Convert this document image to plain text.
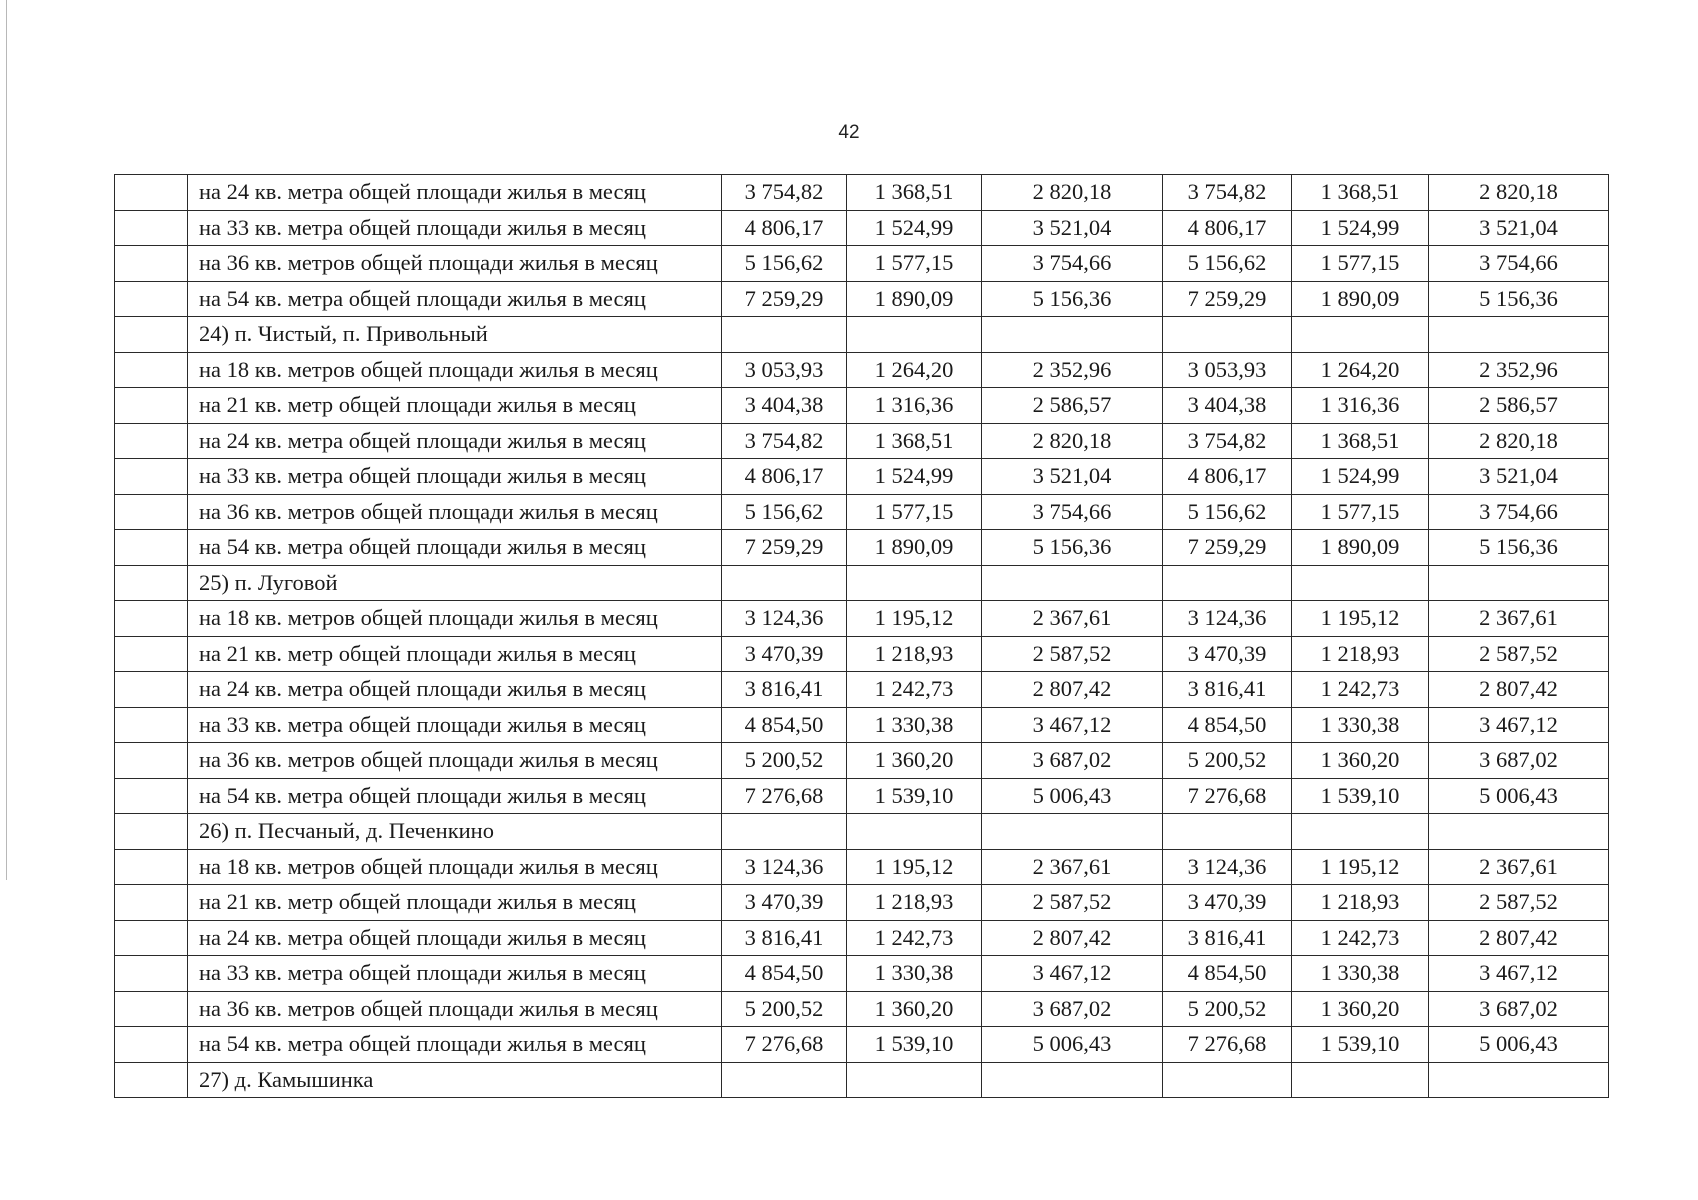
42
	на 24 кв. метра общей площади жилья в месяц	3 754,82	1 368,51	2 820,18	3 754,82	1 368,51	2 820,18
	на 33 кв. метра общей площади жилья в месяц	4 806,17	1 524,99	3 521,04	4 806,17	1 524,99	3 521,04
	на 36 кв. метров общей площади жилья в месяц	5 156,62	1 577,15	3 754,66	5 156,62	1 577,15	3 754,66
	на 54 кв. метра общей площади жилья в месяц	7 259,29	1 890,09	5 156,36	7 259,29	1 890,09	5 156,36
	24) п. Чистый, п. Привольный						
	на 18 кв. метров общей площади жилья в месяц	3 053,93	1 264,20	2 352,96	3 053,93	1 264,20	2 352,96
	на 21 кв. метр общей площади жилья в месяц	3 404,38	1 316,36	2 586,57	3 404,38	1 316,36	2 586,57
	на 24 кв. метра общей площади жилья в месяц	3 754,82	1 368,51	2 820,18	3 754,82	1 368,51	2 820,18
	на 33 кв. метра общей площади жилья в месяц	4 806,17	1 524,99	3 521,04	4 806,17	1 524,99	3 521,04
	на 36 кв. метров общей площади жилья в месяц	5 156,62	1 577,15	3 754,66	5 156,62	1 577,15	3 754,66
	на 54 кв. метра общей площади жилья в месяц	7 259,29	1 890,09	5 156,36	7 259,29	1 890,09	5 156,36
	25) п. Луговой						
	на 18 кв. метров общей площади жилья в месяц	3 124,36	1 195,12	2 367,61	3 124,36	1 195,12	2 367,61
	на 21 кв. метр общей площади жилья в месяц	3 470,39	1 218,93	2 587,52	3 470,39	1 218,93	2 587,52
	на 24 кв. метра общей площади жилья в месяц	3 816,41	1 242,73	2 807,42	3 816,41	1 242,73	2 807,42
	на 33 кв. метра общей площади жилья в месяц	4 854,50	1 330,38	3 467,12	4 854,50	1 330,38	3 467,12
	на 36 кв. метров общей площади жилья в месяц	5 200,52	1 360,20	3 687,02	5 200,52	1 360,20	3 687,02
	на 54 кв. метра общей площади жилья в месяц	7 276,68	1 539,10	5 006,43	7 276,68	1 539,10	5 006,43
	26) п. Песчаный, д. Печенкино						
	на 18 кв. метров общей площади жилья в месяц	3 124,36	1 195,12	2 367,61	3 124,36	1 195,12	2 367,61
	на 21 кв. метр общей площади жилья в месяц	3 470,39	1 218,93	2 587,52	3 470,39	1 218,93	2 587,52
	на 24 кв. метра общей площади жилья в месяц	3 816,41	1 242,73	2 807,42	3 816,41	1 242,73	2 807,42
	на 33 кв. метра общей площади жилья в месяц	4 854,50	1 330,38	3 467,12	4 854,50	1 330,38	3 467,12
	на 36 кв. метров общей площади жилья в месяц	5 200,52	1 360,20	3 687,02	5 200,52	1 360,20	3 687,02
	на 54 кв. метра общей площади жилья в месяц	7 276,68	1 539,10	5 006,43	7 276,68	1 539,10	5 006,43
	27) д. Камышинка						
